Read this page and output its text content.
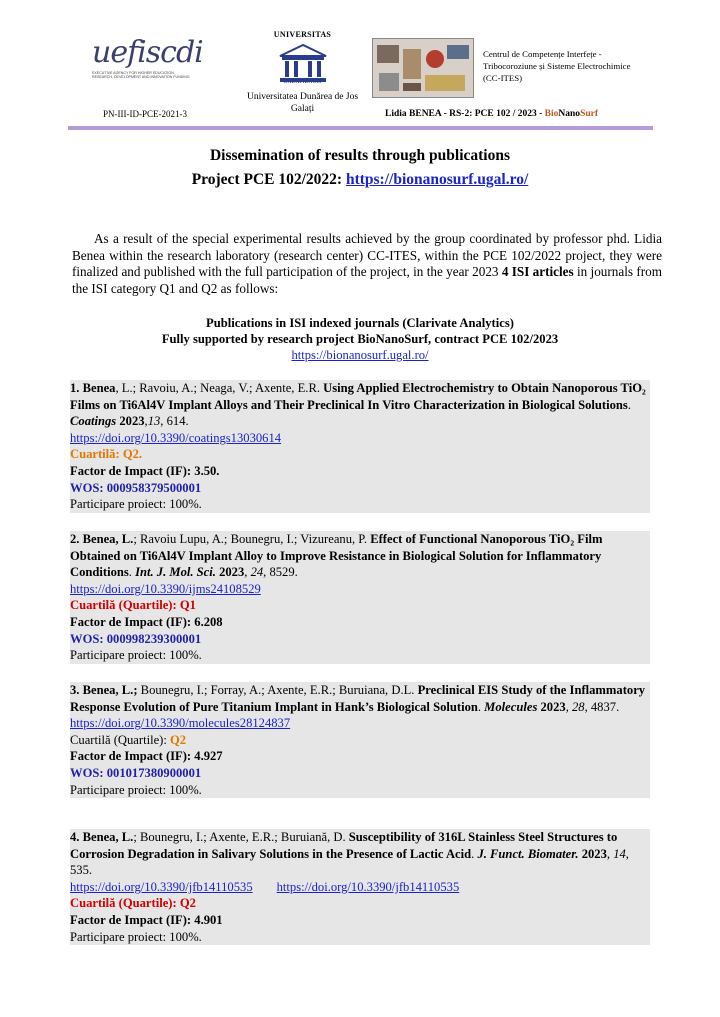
uefiscdi
EXECUTIVE AGENCY FOR HIGHER EDUCATION, RESEARCH, DEVELOPMENT AND INNOVATION FUNDING
PN-III-ID-PCE-2021-3
UNIVERSITAS
Universitatea Dunărea de Jos Galați
Centrul de Competențe Interfețe - Tribocoroziune și Sisteme Electrochimice (CC-ITES)
Lidia BENEA - RS-2: PCE 102 / 2023 - BioNanoSurf
Dissemination of results through publications
Project PCE 102/2022: https://bionanosurf.ugal.ro/

As a result of the special experimental results achieved by the group coordinated by professor phd. Lidia Benea within the research laboratory (research center) CC-ITES, within the PCE 102/2022 project, they were finalized and published with the full participation of the project, in the year 2023 4 ISI articles in journals from the ISI category Q1 and Q2 as follows:

Publications in ISI indexed journals (Clarivate Analytics)
Fully supported by research project BioNanoSurf, contract PCE 102/2023
https://bionanosurf.ugal.ro/
1. Benea, L.; Ravoiu, A.; Neaga, V.; Axente, E.R. Using Applied Electrochemistry to Obtain Nanoporous TiO₂ Films on Ti6Al4V Implant Alloys and Their Preclinical In Vitro Characterization in Biological Solutions. Coatings 2023,13, 614.
https://doi.org/10.3390/coatings13030614
Cuartilă: Q2.
Factor de Impact (IF): 3.50.
WOS: 000958379500001
Participare proiect: 100%.
2. Benea, L.; Ravoiu Lupu, A.; Bounegru, I.; Vizureanu, P. Effect of Functional Nanoporous TiO₂ Film Obtained on Ti6Al4V Implant Alloy to Improve Resistance in Biological Solution for Inflammatory Conditions. Int. J. Mol. Sci. 2023, 24, 8529.
https://doi.org/10.3390/ijms24108529
Cuartilă (Quartile): Q1
Factor de Impact (IF): 6.208
WOS: 000998239300001
Participare proiect: 100%.
3. Benea, L.; Bounegru, I.; Forray, A.; Axente, E.R.; Buruiana, D.L. Preclinical EIS Study of the Inflammatory Response Evolution of Pure Titanium Implant in Hank’s Biological Solution. Molecules 2023, 28, 4837.
https://doi.org/10.3390/molecules28124837
Cuartilă (Quartile): Q2
Factor de Impact (IF): 4.927
WOS: 001017380900001
Participare proiect: 100%.
4. Benea, L.; Bounegru, I.; Axente, E.R.; Buruiană, D. Susceptibility of 316L Stainless Steel Structures to Corrosion Degradation in Salivary Solutions in the Presence of Lactic Acid. J. Funct. Biomater. 2023, 14, 535.
https://doi.org/10.3390/jfb14110535 https://doi.org/10.3390/jfb14110535
Cuartilă (Quartile): Q2
Factor de Impact (IF): 4.901
Participare proiect: 100%.
